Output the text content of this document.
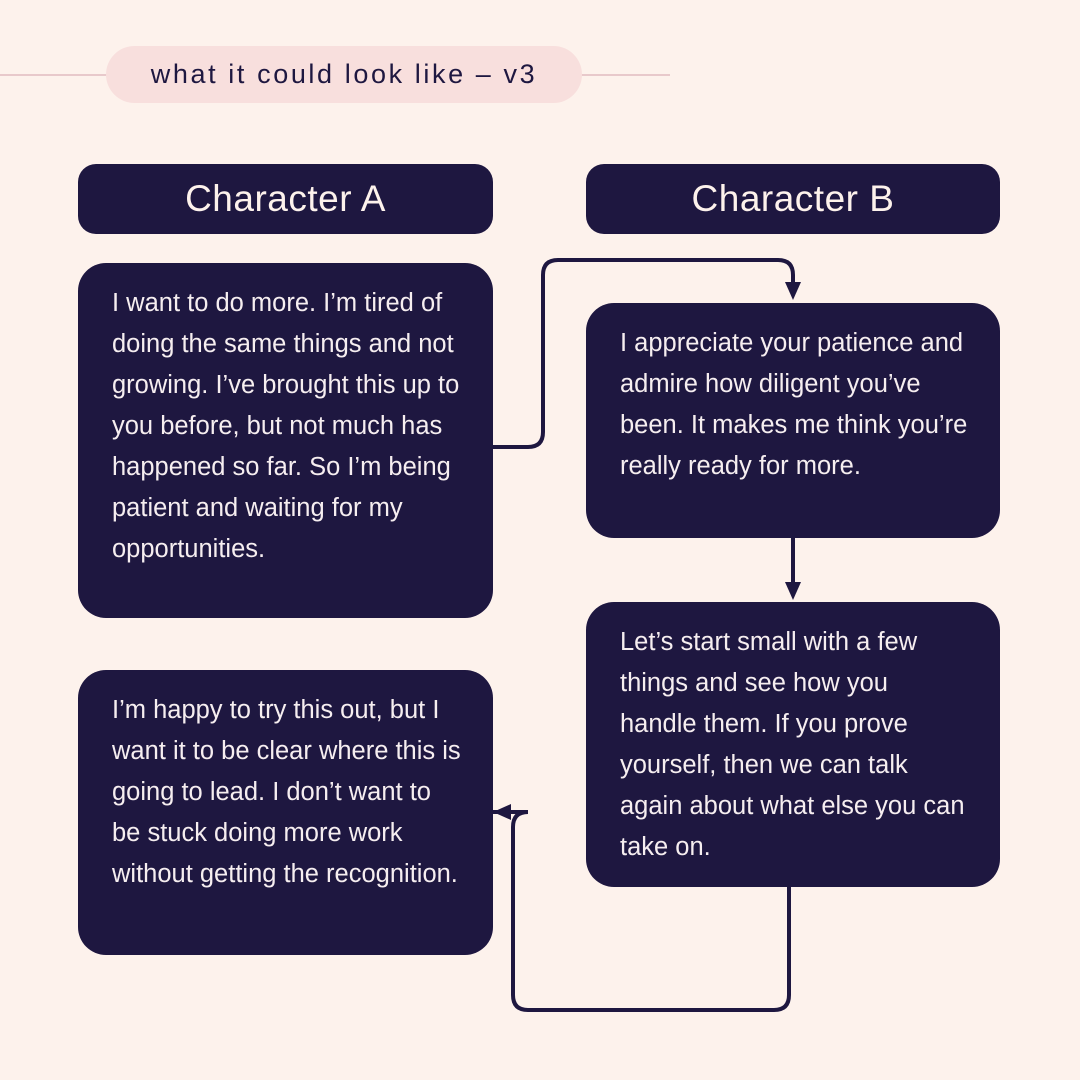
what it could look like – v3
Character A	Character B
I want to do more. I’m tired of doing the same things and not growing. I’ve brought this up to you before, but not much has happened so far. So I’m being patient and waiting for my opportunities.
I appreciate your patience and admire how diligent you’ve been. It makes me think you’re really ready for more.
Let’s start small with a few things and see how you handle them. If you prove yourself, then we can talk again about what else you can take on.
I’m happy to try this out, but I want it to be clear where this is going to lead. I don’t want to be stuck doing more work without getting the recognition.
